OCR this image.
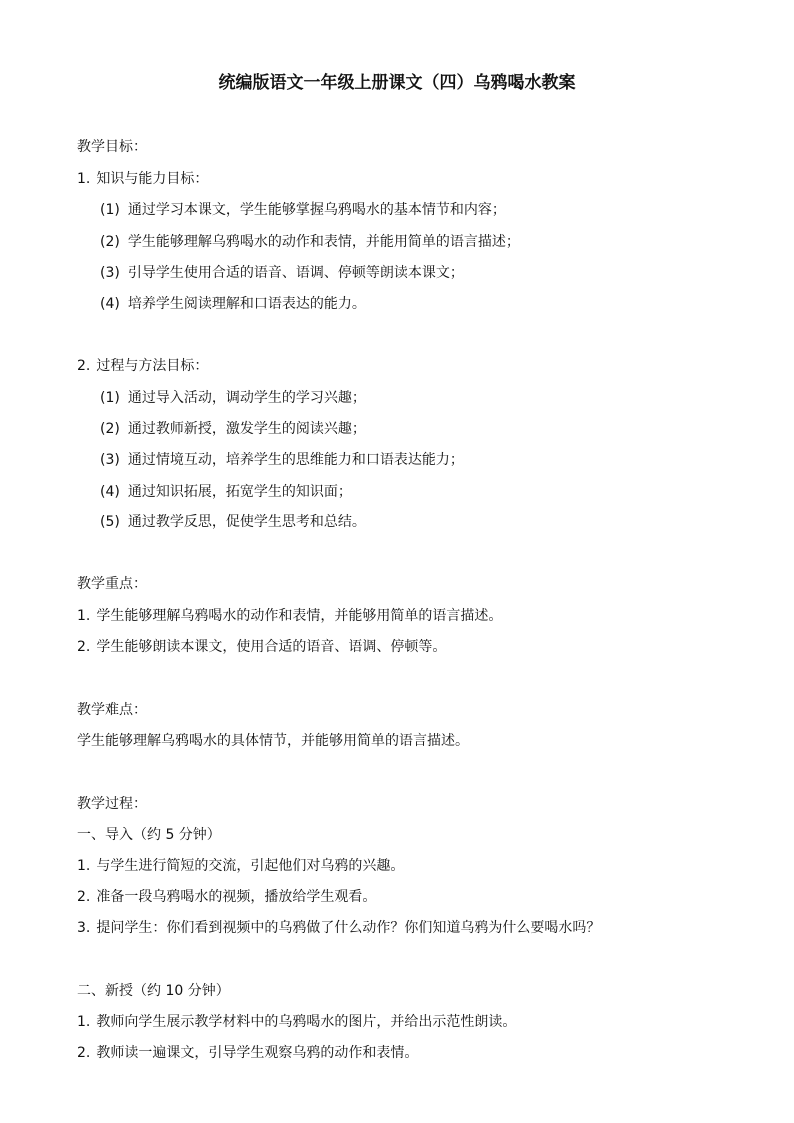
统编版语文一年级上册课文（四）乌鸦喝水教案
教学目标：
1. 知识与能力目标：
(1) 通过学习本课文，学生能够掌握乌鸦喝水的基本情节和内容；
(2) 学生能够理解乌鸦喝水的动作和表情，并能用简单的语言描述；
(3) 引导学生使用合适的语音、语调、停顿等朗读本课文；
(4) 培养学生阅读理解和口语表达的能力。
2. 过程与方法目标：
(1) 通过导入活动，调动学生的学习兴趣；
(2) 通过教师新授，激发学生的阅读兴趣；
(3) 通过情境互动，培养学生的思维能力和口语表达能力；
(4) 通过知识拓展，拓宽学生的知识面；
(5) 通过教学反思，促使学生思考和总结。
教学重点：
1. 学生能够理解乌鸦喝水的动作和表情，并能够用简单的语言描述。
2. 学生能够朗读本课文，使用合适的语音、语调、停顿等。
教学难点：
学生能够理解乌鸦喝水的具体情节，并能够用简单的语言描述。
教学过程：
一、导入（约 5 分钟）
1. 与学生进行简短的交流，引起他们对乌鸦的兴趣。
2. 准备一段乌鸦喝水的视频，播放给学生观看。
3. 提问学生：你们看到视频中的乌鸦做了什么动作？你们知道乌鸦为什么要喝水吗？
二、新授（约 10 分钟）
1. 教师向学生展示教学材料中的乌鸦喝水的图片，并给出示范性朗读。
2. 教师读一遍课文，引导学生观察乌鸦的动作和表情。
